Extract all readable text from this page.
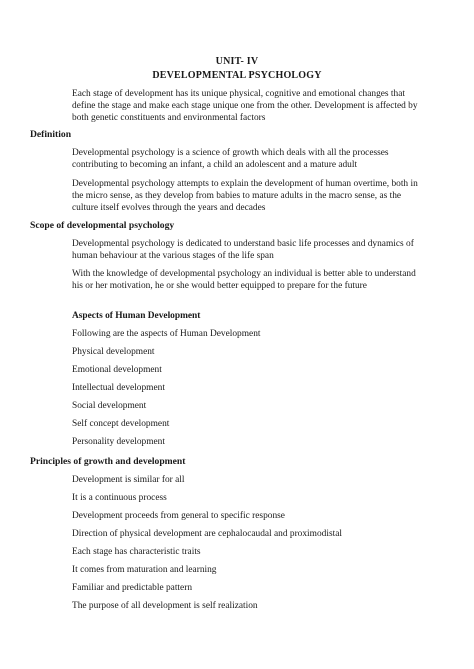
UNIT- IV
DEVELOPMENTAL PSYCHOLOGY
Each stage of development has its unique physical, cognitive and emotional changes that define the stage and make each stage unique one from the other. Development is affected by both genetic constituents and environmental factors
Definition
Developmental psychology is a science of growth which deals with all the processes contributing to becoming an infant, a child an adolescent and a mature adult
Developmental psychology attempts to explain the development of human overtime, both in the micro sense, as they develop from babies to mature adults in the macro sense, as the culture itself evolves through the years and decades
Scope of developmental psychology
Developmental psychology is dedicated to understand basic life processes and dynamics of human behaviour at the various stages of the life span
With the knowledge of developmental psychology an individual is better able to understand his or her motivation, he or she would better equipped to prepare for the future
Aspects of Human Development
Following are the aspects of Human Development
Physical development
Emotional development
Intellectual development
Social development
Self concept development
Personality development
Principles of growth and development
Development is similar for all
It is a continuous process
Development proceeds from general to specific response
Direction of physical development are cephalocaudal and proximodistal
Each stage has characteristic traits
It comes from maturation and learning
Familiar and predictable pattern
The purpose of all development is self realization
